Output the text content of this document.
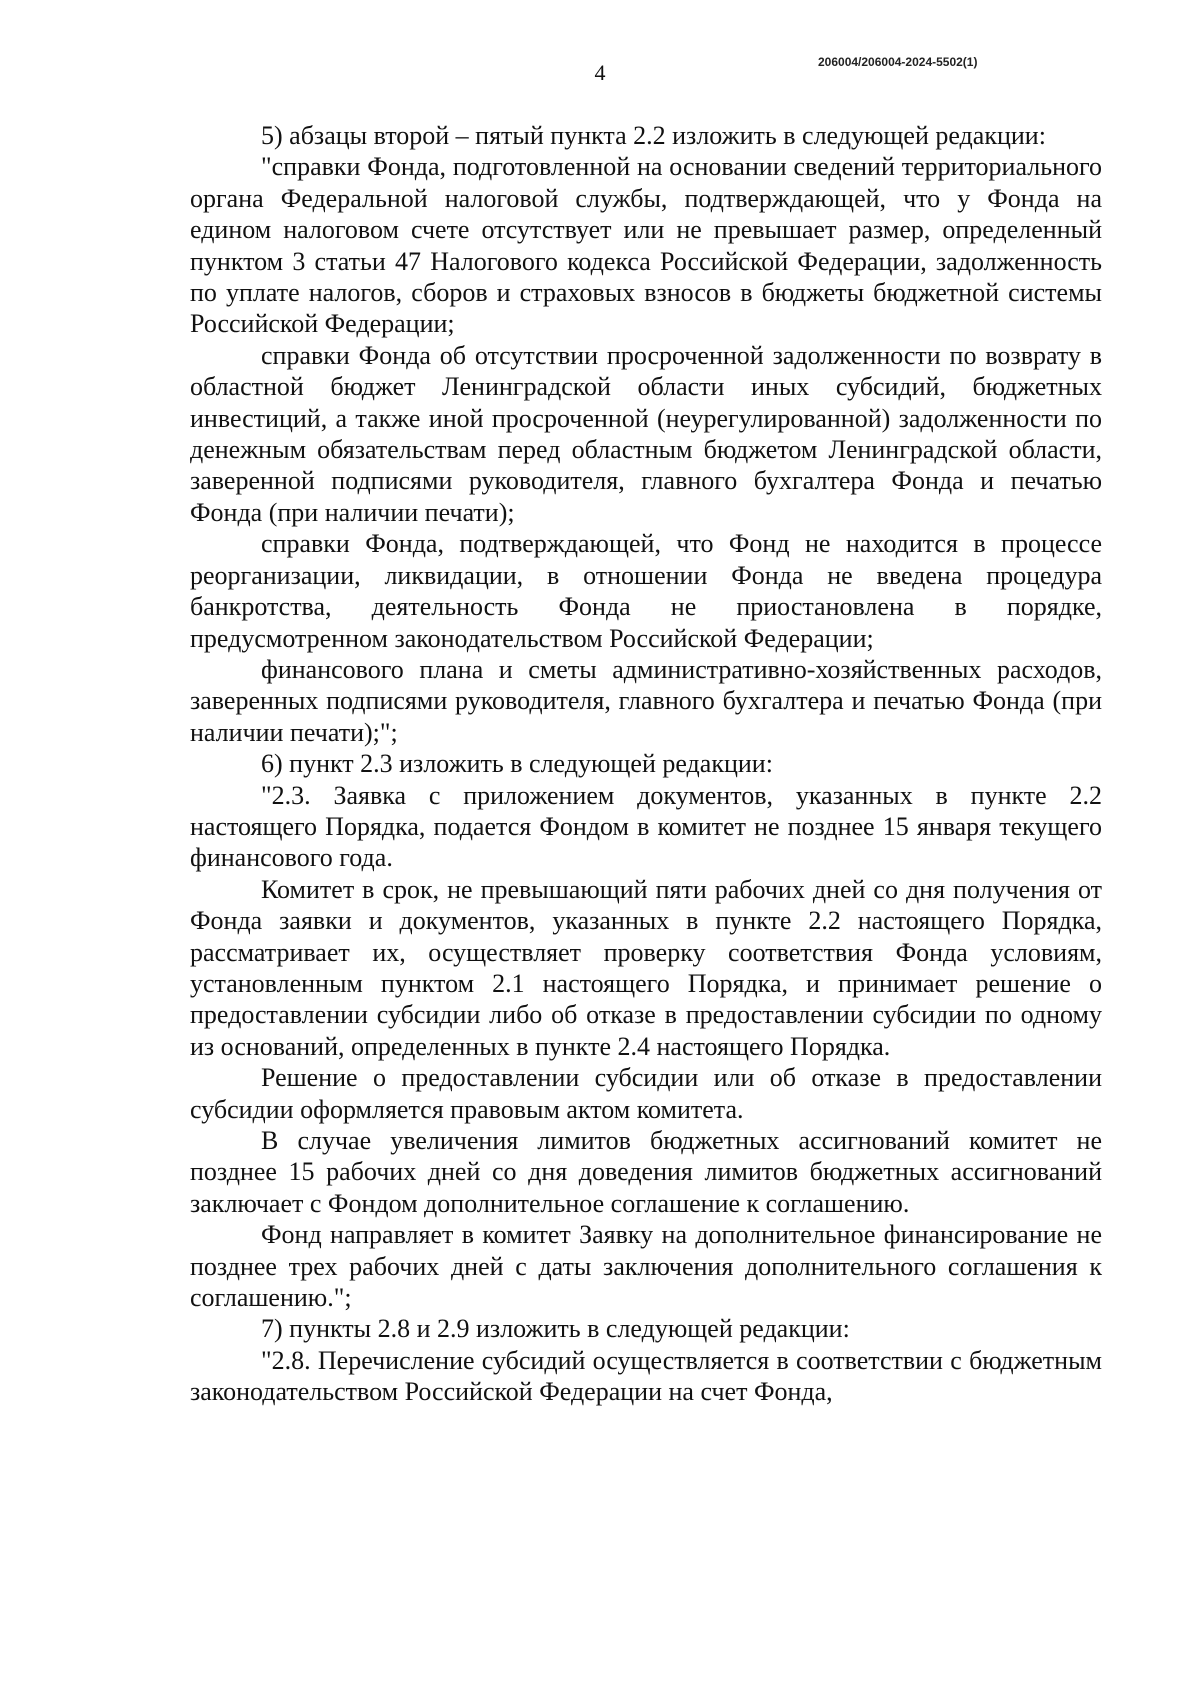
4	206004/206004-2024-5502(1)

5) абзацы второй – пятый пункта 2.2 изложить в следующей редакции:

"справки Фонда, подготовленной на основании сведений территориального органа Федеральной налоговой службы, подтверждающей, что у Фонда на едином налоговом счете отсутствует или не превышает размер, определенный пунктом 3 статьи 47 Налогового кодекса Российской Федерации, задолженность по уплате налогов, сборов и страховых взносов в бюджеты бюджетной системы Российской Федерации;

справки Фонда об отсутствии просроченной задолженности по возврату в областной бюджет Ленинградской области иных субсидий, бюджетных инвестиций, а также иной просроченной (неурегулированной) задолженности по денежным обязательствам перед областным бюджетом Ленинградской области, заверенной подписями руководителя, главного бухгалтера Фонда и печатью Фонда (при наличии печати);

справки Фонда, подтверждающей, что Фонд не находится в процессе реорганизации, ликвидации, в отношении Фонда не введена процедура банкротства, деятельность Фонда не приостановлена в порядке, предусмотренном законодательством Российской Федерации;

финансового плана и сметы административно-хозяйственных расходов, заверенных подписями руководителя, главного бухгалтера и печатью Фонда (при наличии печати);";

6) пункт 2.3 изложить в следующей редакции:

"2.3. Заявка с приложением документов, указанных в пункте 2.2 настоящего Порядка, подается Фондом в комитет не позднее 15 января текущего финансового года.

Комитет в срок, не превышающий пяти рабочих дней со дня получения от Фонда заявки и документов, указанных в пункте 2.2 настоящего Порядка, рассматривает их, осуществляет проверку соответствия Фонда условиям, установленным пунктом 2.1 настоящего Порядка, и принимает решение о предоставлении субсидии либо об отказе в предоставлении субсидии по одному из оснований, определенных в пункте 2.4 настоящего Порядка.

Решение о предоставлении субсидии или об отказе в предоставлении субсидии оформляется правовым актом комитета.

В случае увеличения лимитов бюджетных ассигнований комитет не позднее 15 рабочих дней со дня доведения лимитов бюджетных ассигнований заключает с Фондом дополнительное соглашение к соглашению.

Фонд направляет в комитет Заявку на дополнительное финансирование не позднее трех рабочих дней с даты заключения дополнительного соглашения к соглашению.";

7) пункты 2.8 и 2.9 изложить в следующей редакции:

"2.8. Перечисление субсидий осуществляется в соответствии с бюджетным законодательством Российской Федерации на счет Фонда,
